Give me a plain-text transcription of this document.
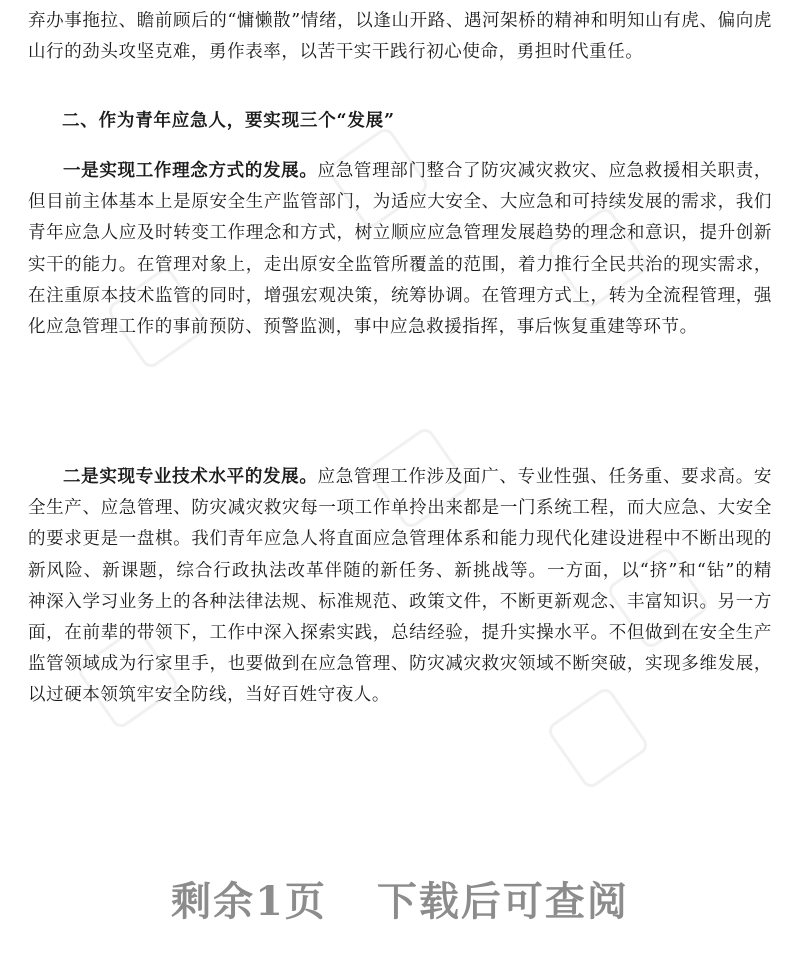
弃办事拖拉、瞻前顾后的“慵懒散”情绪，以逢山开路、遇河架桥的精神和明知山有虎、偏向虎山行的劲头攻坚克难，勇作表率，以苦干实干践行初心使命，勇担时代重任。

二、作为青年应急人，要实现三个“发展”

一是实现工作理念方式的发展。应急管理部门整合了防灾减灾救灾、应急救援相关职责，但目前主体基本上是原安全生产监管部门，为适应大安全、大应急和可持续发展的需求，我们青年应急人应及时转变工作理念和方式，树立顺应应急管理发展趋势的理念和意识，提升创新实干的能力。在管理对象上，走出原安全监管所覆盖的范围，着力推行全民共治的现实需求，在注重原本技术监管的同时，增强宏观决策，统筹协调。在管理方式上，转为全流程管理，强化应急管理工作的事前预防、预警监测，事中应急救援指挥，事后恢复重建等环节。

二是实现专业技术水平的发展。应急管理工作涉及面广、专业性强、任务重、要求高。安全生产、应急管理、防灾减灾救灾每一项工作单拎出来都是一门系统工程，而大应急、大安全的要求更是一盘棋。我们青年应急人将直面应急管理体系和能力现代化建设进程中不断出现的新风险、新课题，综合行政执法改革伴随的新任务、新挑战等。一方面，以“挤”和“钻”的精神深入学习业务上的各种法律法规、标准规范、政策文件，不断更新观念、丰富知识。另一方面，在前辈的带领下，工作中深入探索实践，总结经验，提升实操水平。不但做到在安全生产监管领域成为行家里手，也要做到在应急管理、防灾减灾救灾领域不断突破，实现多维发展，以过硬本领筑牢安全防线，当好百姓守夜人。

剩余1页 下载后可查阅
